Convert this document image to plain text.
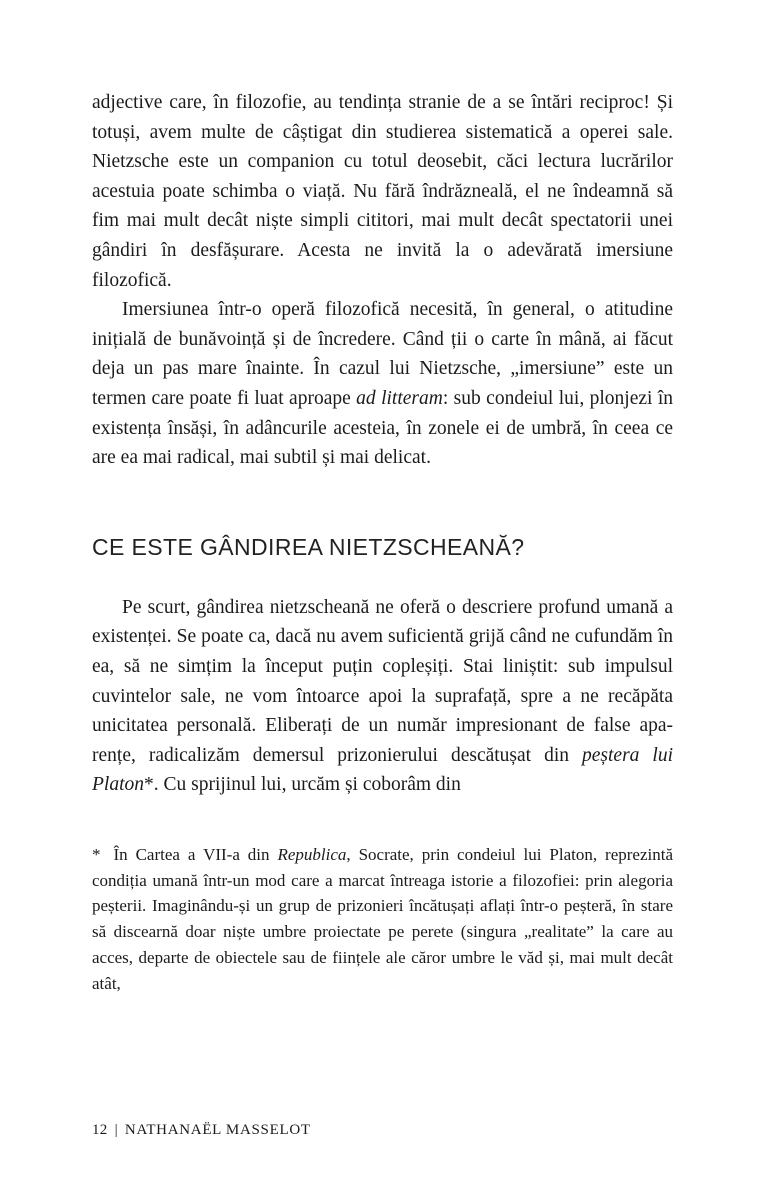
adjective care, în filozofie, au tendința stranie de a se întări reciproc! Și totuși, avem multe de câștigat din studierea sistematică a operei sale. Nietzsche este un companion cu totul deosebit, căci lectura lucrărilor acestuia poate schimba o viață. Nu fără îndrăzneală, el ne îndeamnă să fim mai mult decât niște simpli cititori, mai mult decât spectatorii unei gândiri în desfășurare. Acesta ne invită la o adevărată imersiune filozofică.

Imersiunea într-o operă filozofică necesită, în general, o atitudine inițială de bunăvoință și de încredere. Când ții o carte în mână, ai făcut deja un pas mare înainte. În cazul lui Nietzsche, „imersiune” este un termen care poate fi luat aproape ad litteram: sub condeiul lui, plonjezi în existența însăși, în adâncurile acesteia, în zonele ei de umbră, în ceea ce are ea mai radical, mai subtil și mai delicat.

CE ESTE GÂNDIREA NIETZSCHEANĂ?

Pe scurt, gândirea nietzscheană ne oferă o descriere profund umană a existenței. Se poate ca, dacă nu avem suficientă grijă când ne cufundăm în ea, să ne simțim la început puțin copleșiți. Stai liniștit: sub impulsul cuvintelor sale, ne vom întoarce apoi la suprafață, spre a ne recăpăta unicitatea personală. Eliberați de un număr impresionant de false aparențe, radicalizăm demersul prizonierului descătușat din peștera lui Platon*. Cu sprijinul lui, urcăm și coborâm din

* În Cartea a VII-a din Republica, Socrate, prin condeiul lui Platon, reprezintă condiția umană într-un mod care a marcat întreaga istorie a filozofiei: prin alegoria peșterii. Imaginându-și un grup de prizonieri încătușați aflați într-o peșteră, în stare să discearnă doar niște umbre proiectate pe perete (singura „realitate” la care au acces, departe de obiectele sau de ființele ale căror umbre le văd și, mai mult decât atât,
12 | NATHANAËL MASSELOT
